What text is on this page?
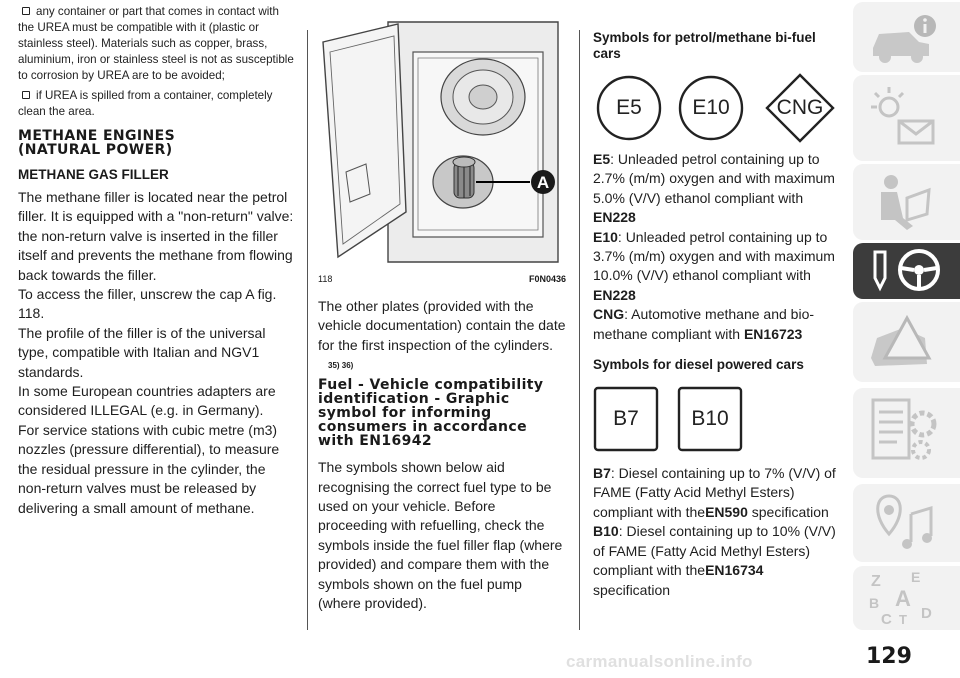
any container or part that comes in contact with the UREA must be compatible with it (plastic or stainless steel). Materials such as copper, brass, aluminium, iron or stainless steel is not as susceptible to corrosion by UREA are to be avoided;

if UREA is spilled from a container, completely clean the area.

METHANE ENGINES (NATURAL POWER)
METHANE GAS FILLER

The methane filler is located near the petrol filler. It is equipped with a "non-return" valve: the non-return valve is inserted in the filler itself and prevents the methane from flowing back towards the filler.

To access the filler, unscrew the cap A fig. 118.

The profile of the filler is of the universal type, compatible with Italian and NGV1 standards.

In some European countries adapters are considered ILLEGAL (e.g. in Germany).

For service stations with cubic metre (m3) nozzles (pressure differential), to measure the residual pressure in the cylinder, the non-return valves must be released by delivering a small amount of methane.

A
118	F0N0436

The other plates (provided with the vehicle documentation) contain the date for the first inspection of the cylinders.

35) 36)

Fuel - Vehicle compatibility identification - Graphic symbol for informing consumers in accordance with EN16942

The symbols shown below aid recognising the correct fuel type to be used on your vehicle. Before proceeding with refuelling, check the symbols inside the fuel filler flap (where provided) and compare them with the symbols shown on the fuel pump (where provided).

Symbols for petrol/methane bi-fuel cars
E5	E10	CNG

E5: Unleaded petrol containing up to 2.7% (m/m) oxygen and with maximum 5.0% (V/V) ethanol compliant with
EN228

E10: Unleaded petrol containing up to 3.7% (m/m) oxygen and with maximum 10.0% (V/V) ethanol compliant with
EN228

CNG: Automotive methane and bio-methane compliant with EN16723

Symbols for diesel powered cars
B7	B10

B7: Diesel containing up to 7% (V/V) of FAME (Fatty Acid Methyl Esters) compliant with theEN590 specification

B10: Diesel containing up to 10% (V/V) of FAME (Fatty Acid Methyl Esters) compliant with theEN16734
specification	Z E
A
B
C D
T
129
carmanualsonline.info
